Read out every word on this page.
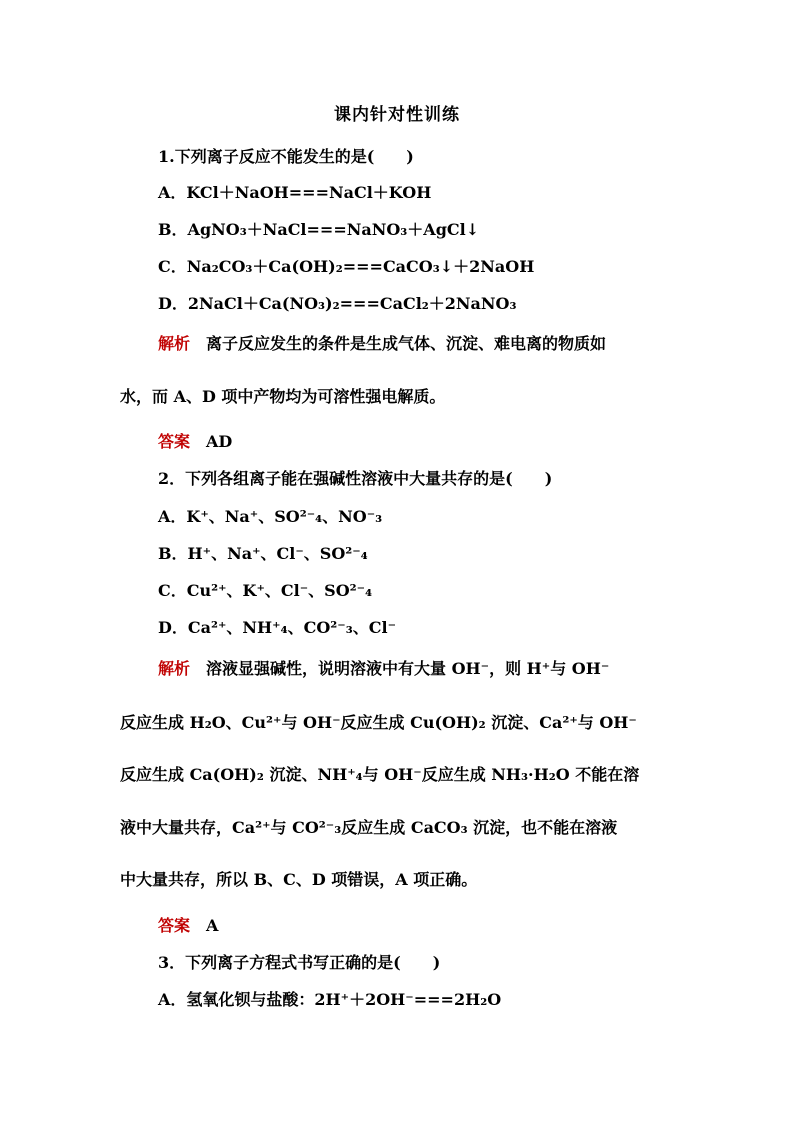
课内针对性训练
1.下列离子反应不能发生的是(　　)
A．KCl＋NaOH===NaCl＋KOH
B．AgNO₃＋NaCl===NaNO₃＋AgCl↓
C．Na₂CO₃＋Ca(OH)₂===CaCO₃↓＋2NaOH
D．2NaCl＋Ca(NO₃)₂===CaCl₂＋2NaNO₃
解析 离子反应发生的条件是生成气体、沉淀、难电离的物质如
水，而 A、D 项中产物均为可溶性强电解质。
答案 AD
2．下列各组离子能在强碱性溶液中大量共存的是(　　)
A．K⁺、Na⁺、SO²⁻₄、NO⁻₃
B．H⁺、Na⁺、Cl⁻、SO²⁻₄
C．Cu²⁺、K⁺、Cl⁻、SO²⁻₄
D．Ca²⁺、NH⁺₄、CO²⁻₃、Cl⁻
解析 溶液显强碱性，说明溶液中有大量 OH⁻，则 H⁺与 OH⁻
反应生成 H₂O、Cu²⁺与 OH⁻反应生成 Cu(OH)₂ 沉淀、Ca²⁺与 OH⁻
反应生成 Ca(OH)₂ 沉淀、NH⁺₄与 OH⁻反应生成 NH₃·H₂O 不能在溶
液中大量共存，Ca²⁺与 CO²⁻₃反应生成 CaCO₃ 沉淀，也不能在溶液
中大量共存，所以 B、C、D 项错误，A 项正确。
答案 A
3．下列离子方程式书写正确的是(　　)
A．氢氧化钡与盐酸：2H⁺＋2OH⁻===2H₂O
